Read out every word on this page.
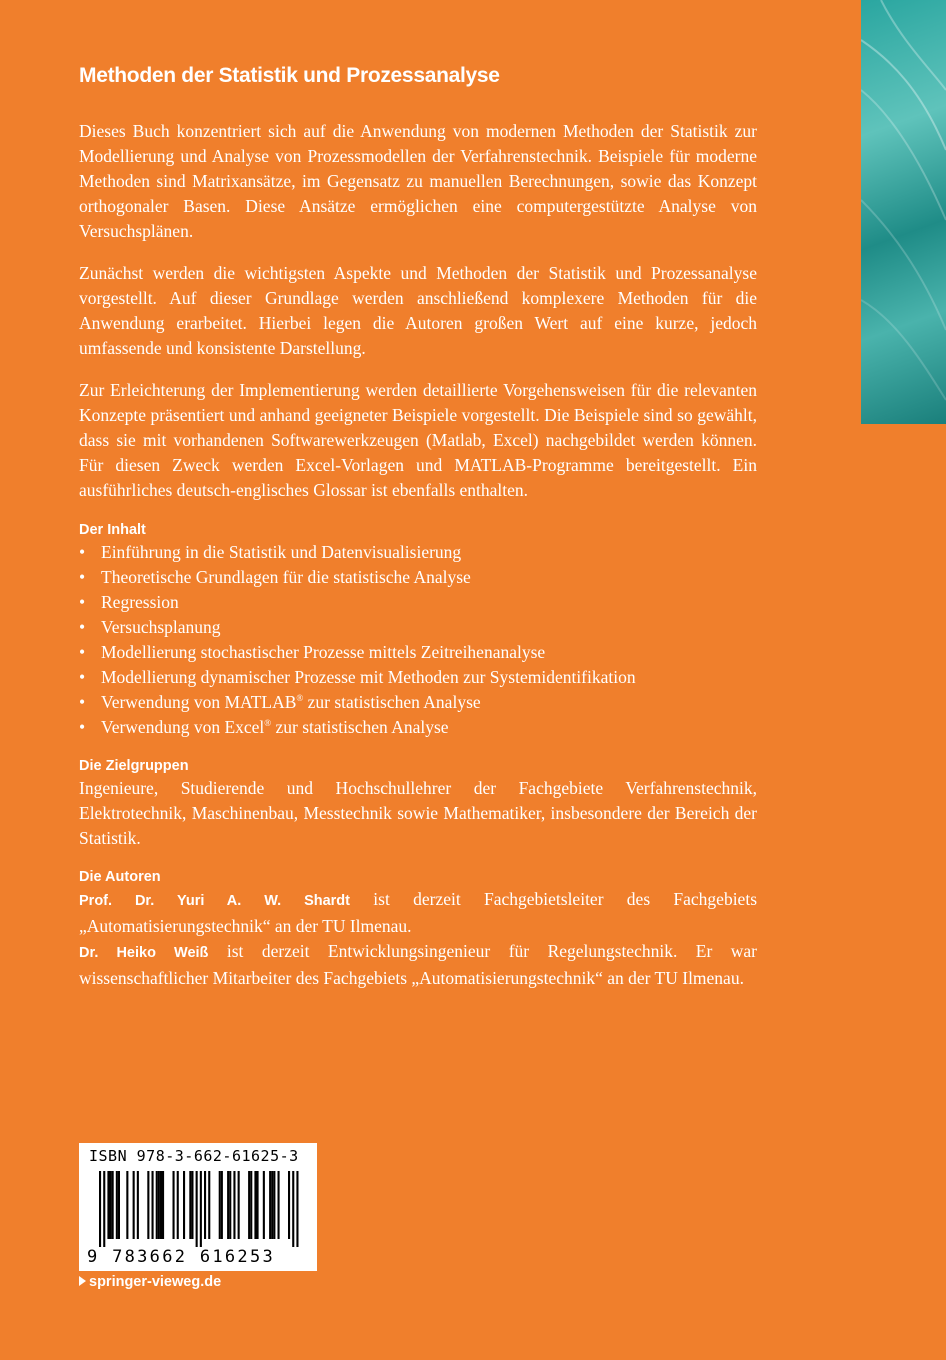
Methoden der Statistik und Prozessanalyse

Dieses Buch konzentriert sich auf die Anwendung von modernen Methoden der Statistik zur Modellierung und Analyse von Prozessmodellen der Verfahrenstechnik. Beispiele für moderne Methoden sind Matrixansätze, im Gegensatz zu manuellen Berechnungen, sowie das Konzept orthogonaler Basen. Diese Ansätze ermöglichen eine computergestützte Analyse von Versuchsplänen.

Zunächst werden die wichtigsten Aspekte und Methoden der Statistik und Prozessanalyse vorgestellt. Auf dieser Grundlage werden anschließend komplexere Methoden für die Anwendung erarbeitet. Hierbei legen die Autoren großen Wert auf eine kurze, jedoch umfassende und konsistente Darstellung.

Zur Erleichterung der Implementierung werden detaillierte Vorgehensweisen für die relevanten Konzepte präsentiert und anhand geeigneter Beispiele vorgestellt. Die Beispiele sind so gewählt, dass sie mit vorhandenen Softwarewerkzeugen (Matlab, Excel) nachgebildet werden können. Für diesen Zweck werden Excel-Vorlagen und MATLAB-Programme bereitgestellt. Ein ausführliches deutsch-englisches Glossar ist ebenfalls enthalten.

Der Inhalt
• Einführung in die Statistik und Datenvisualisierung
• Theoretische Grundlagen für die statistische Analyse
• Regression
• Versuchsplanung
• Modellierung stochastischer Prozesse mittels Zeitreihenanalyse
• Modellierung dynamischer Prozesse mit Methoden zur Systemidentifikation
• Verwendung von MATLAB® zur statistischen Analyse
• Verwendung von Excel® zur statistischen Analyse
Die Zielgruppen

Ingenieure, Studierende und Hochschullehrer der Fachgebiete Verfahrenstechnik, Elektrotechnik, Maschinenbau, Messtechnik sowie Mathematiker, insbesondere der Bereich der Statistik.

Die Autoren

Prof. Dr. Yuri A. W. Shardt ist derzeit Fachgebietsleiter des Fachgebiets „Automatisierungstechnik“ an der TU Ilmenau.

Dr. Heiko Weiß ist derzeit Entwicklungsingenieur für Regelungstechnik. Er war wissenschaftlicher Mitarbeiter des Fachgebiets „Automatisierungstechnik“ an der TU Ilmenau.

ISBN 978-3-662-61625-3
9 783662 616253
springer-vieweg.de
